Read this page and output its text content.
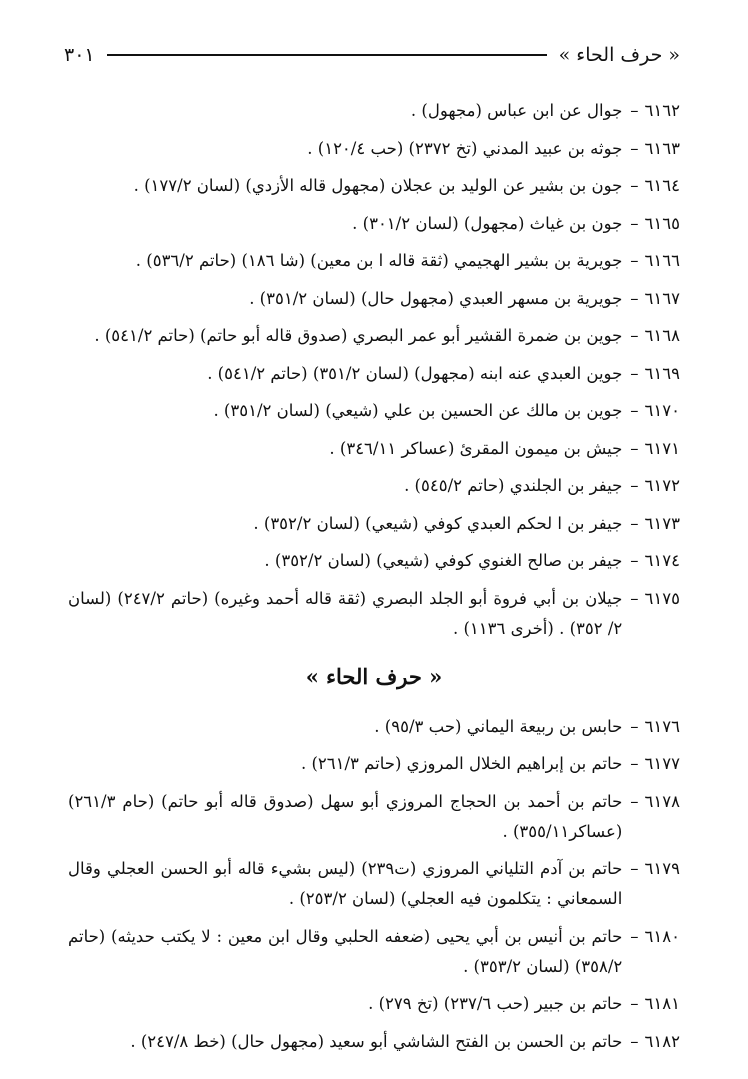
« حرف الحاء »
٣٠١
٦١٦٢
–
جوال عن ابن عباس (مجهول) .
٦١٦٣
–
جوثه بن عبيد المدني (تخ ٢٣٧٢) (حب ١٢٠/٤) .
٦١٦٤
–
جون بن بشير عن الوليد بن عجلان (مجهول قاله الأزدي) (لسان ١٧٧/٢) .
٦١٦٥
–
جون بن غياث (مجهول) (لسان ٣٠١/٢) .
٦١٦٦
–
جويرية بن بشير الهجيمي (ثقة قاله ا بن معين) (شا ١٨٦) (حاتم ٥٣٦/٢) .
٦١٦٧
–
جويرية بن مسهر العبدي (مجهول حال) (لسان ٣٥١/٢) .
٦١٦٨
–
جوين بن ضمرة القشير أبو عمر البصري (صدوق قاله أبو حاتم) (حاتم ٥٤١/٢) .
٦١٦٩
–
جوين العبدي عنه ابنه (مجهول) (لسان ٣٥١/٢) (حاتم ٥٤١/٢) .
٦١٧٠
–
جوين بن مالك عن الحسين بن علي (شيعي) (لسان ٣٥١/٢) .
٦١٧١
–
جيش بن ميمون المقرئ (عساكر ٣٤٦/١١) .
٦١٧٢
–
جيفر بن الجلندي (حاتم ٥٤٥/٢) .
٦١٧٣
–
جيفر بن ا لحكم العبدي كوفي (شيعي) (لسان ٣٥٢/٢) .
٦١٧٤
–
جيفر بن صالح الغنوي كوفي (شيعي) (لسان ٣٥٢/٢) .
٦١٧٥
–
جيلان بن أبي فروة أبو الجلد البصري (ثقة قاله أحمد وغيره) (حاتم ٢٤٧/٢) (لسان ٢/ ٣٥٢) . (أخرى ١١٣٦) .
« حرف الحاء »
٦١٧٦
–
حابس بن ربيعة اليماني (حب ٩٥/٣) .
٦١٧٧
–
حاتم بن إبراهيم الخلال المروزي (حاتم ٢٦١/٣) .
٦١٧٨
–
حاتم بن أحمد بن الحجاج المروزي أبو سهل (صدوق قاله أبو حاتم) (حام ٢٦١/٣) (عساكر٣٥٥/١١) .
٦١٧٩
–
حاتم بن آدم التلياني المروزي (ت٢٣٩) (ليس بشيء قاله أبو الحسن العجلي وقال السمعاني : يتكلمون فيه العجلي) (لسان ٢٥٣/٢) .
٦١٨٠
–
حاتم بن أنيس بن أبي يحيى (ضعفه الحلبي وقال ابن معين : لا يكتب حديثه) (حاتم ٣٥٨/٢) (لسان ٣٥٣/٢) .
٦١٨١
–
حاتم بن جبير (حب ٢٣٧/٦) (تخ ٢٧٩) .
٦١٨٢
–
حاتم بن الحسن بن الفتح الشاشي أبو سعيد (مجهول حال) (خط ٢٤٧/٨) .
